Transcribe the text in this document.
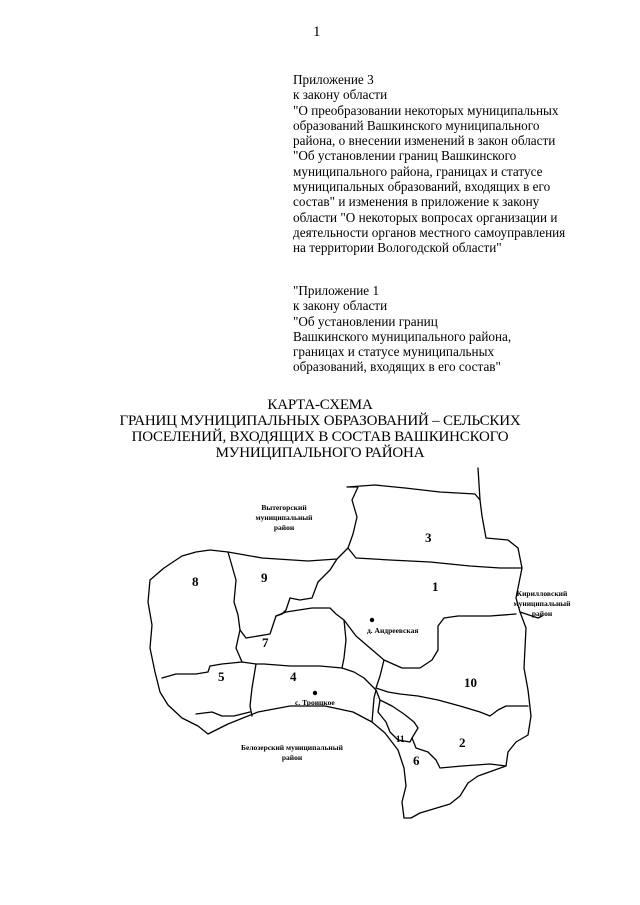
1
Приложение 3
к закону области
"О преобразовании некоторых муниципальных
образований Вашкинского муниципального
района, о внесении изменений в закон области
"Об установлении границ Вашкинского
муниципального района, границах и статусе
муниципальных образований, входящих в его
состав" и изменения в приложение к закону
области "О некоторых вопросах организации и
деятельности органов местного самоуправления
на территории Вологодской области"
"Приложение 1
к закону области
"Об установлении границ
Вашкинского муниципального района,
границах и статусе муниципальных
образований, входящих в его состав"
КАРТА-СХЕМА
ГРАНИЦ МУНИЦИПАЛЬНЫХ ОБРАЗОВАНИЙ – СЕЛЬСКИХ
ПОСЕЛЕНИЙ, ВХОДЯЩИХ В СОСТАВ ВАШКИНСКОГО
МУНИЦИПАЛЬНОГО РАЙОНА
3
1
9
8
7
5	4	10
2
11
6
д. Андреевская
с. Троицкое
Вытегорский
муниципальный
район
Кирилловский
муниципальный
район
Белозерский муниципальный
район
